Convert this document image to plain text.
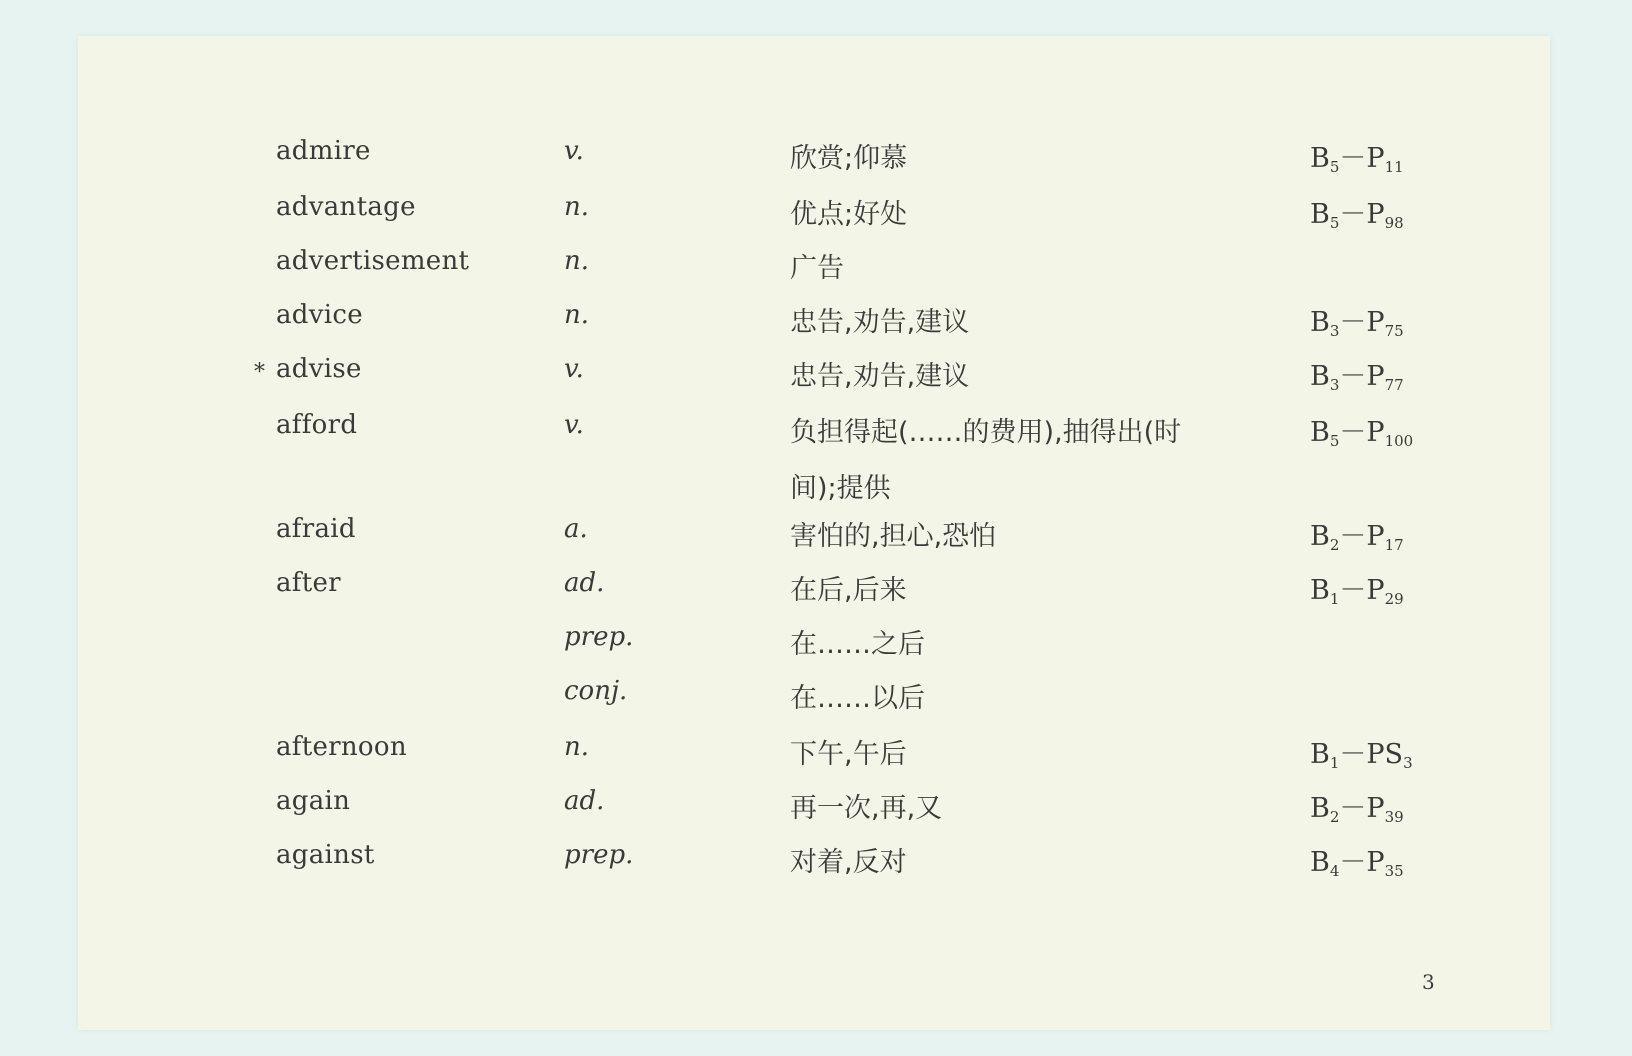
admire	v.	欣赏;仰慕	$B_5-P_{11}$
advantage	n.	优点;好处	$B_5-P_{98}$
advertisement	n.	广告
advice	n.	忠告,劝告,建议	$B_3-P_{75}$
* advise	v.	忠告,劝告,建议	$B_3-P_{77}$
afford	v.	负担得起(……的费用),抽得出(时	$B_5-P_{100}$
间);提供
afraid	a.	害怕的,担心,恐怕	$B_2-P_{17}$
after	ad.	在后,后来	$B_1-P_{29}$
prep.	在……之后
conj.	在……以后
afternoon	n.	下午,午后	$B_1-PS_3$
again	ad.	再一次,再,又	$B_2-P_{39}$
against	prep.	对着,反对	$B_4-P_{35}$
3
